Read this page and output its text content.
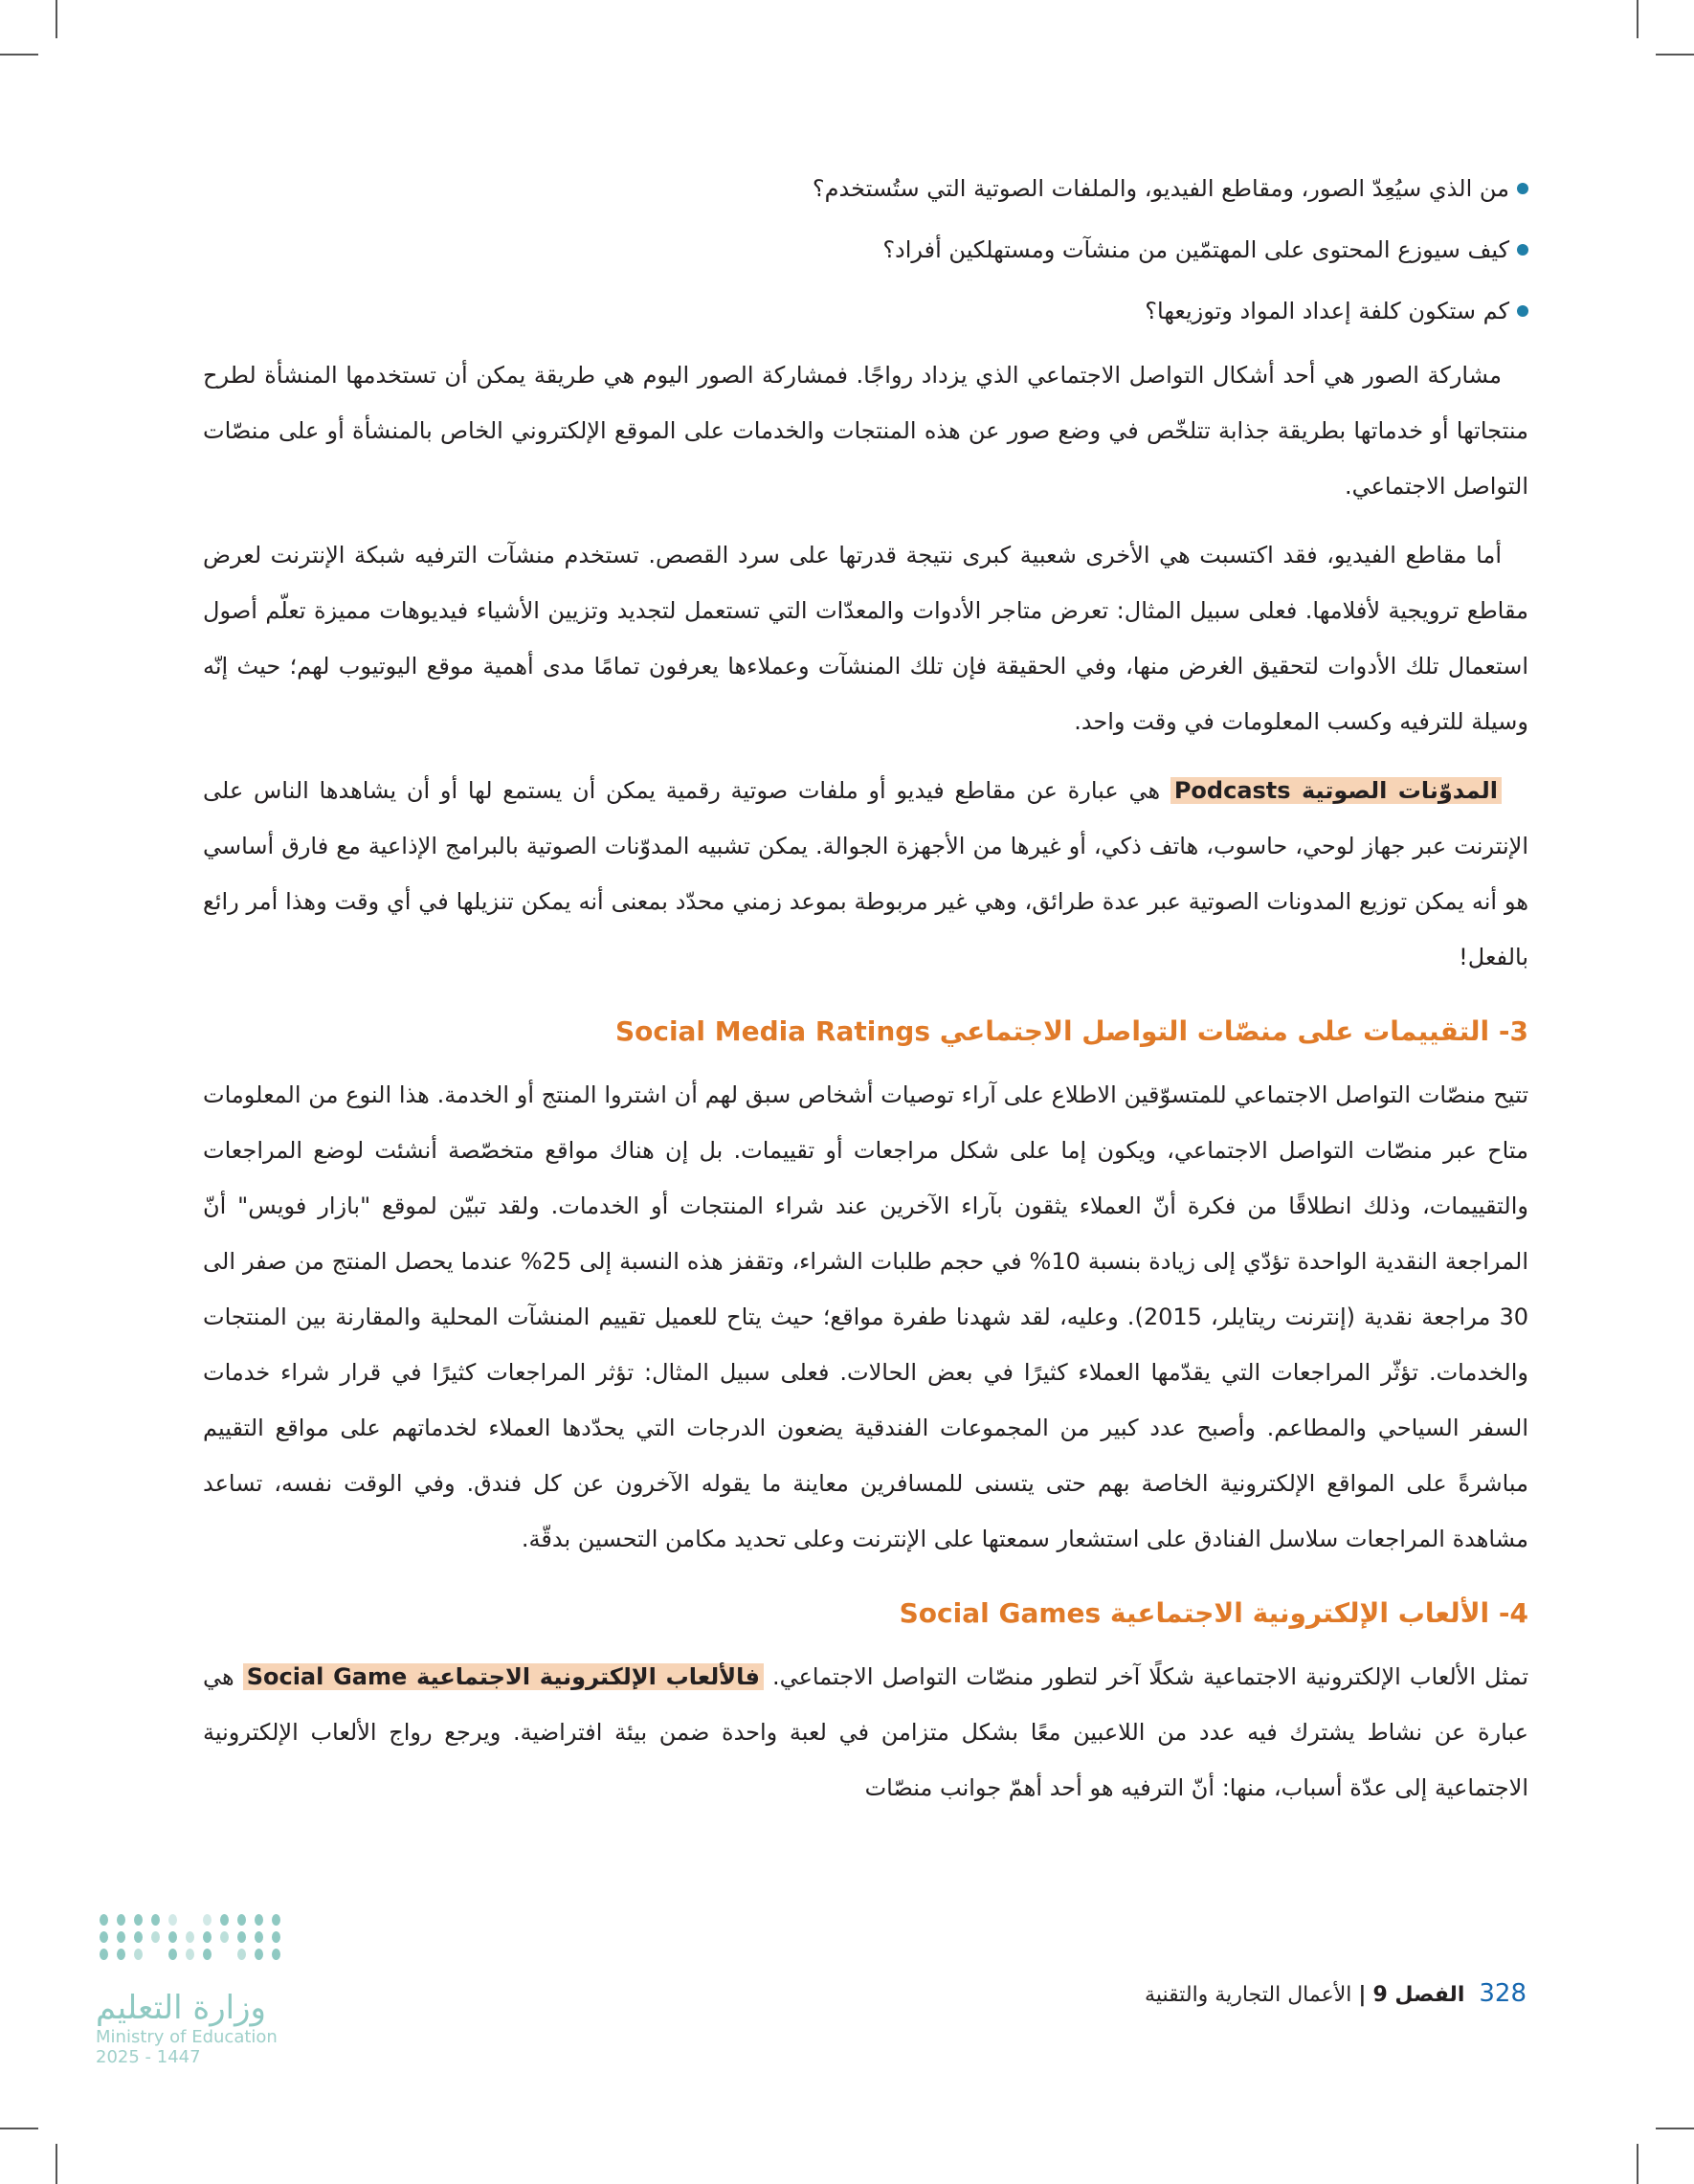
من الذي سيُعِدّ الصور، ومقاطع الفيديو، والملفات الصوتية التي ستُستخدم؟
كيف سيوزع المحتوى على المهتمّين من منشآت ومستهلكين أفراد؟
كم ستكون كلفة إعداد المواد وتوزيعها؟

مشاركة الصور هي أحد أشكال التواصل الاجتماعي الذي يزداد رواجًا. فمشاركة الصور اليوم هي طريقة يمكن أن تستخدمها المنشأة لطرح منتجاتها أو خدماتها بطريقة جذابة تتلخّص في وضع صور عن هذه المنتجات والخدمات على الموقع الإلكتروني الخاص بالمنشأة أو على منصّات التواصل الاجتماعي.

أما مقاطع الفيديو، فقد اكتسبت هي الأخرى شعبية كبرى نتيجة قدرتها على سرد القصص. تستخدم منشآت الترفيه شبكة الإنترنت لعرض مقاطع ترويجية لأفلامها. فعلى سبيل المثال: تعرض متاجر الأدوات والمعدّات التي تستعمل لتجديد وتزيين الأشياء فيديوهات مميزة تعلّم أصول استعمال تلك الأدوات لتحقيق الغرض منها، وفي الحقيقة فإن تلك المنشآت وعملاءها يعرفون تمامًا مدى أهمية موقع اليوتيوب لهم؛ حيث إنّه وسيلة للترفيه وكسب المعلومات في وقت واحد.

المدوّنات الصوتية Podcasts هي عبارة عن مقاطع فيديو أو ملفات صوتية رقمية يمكن أن يستمع لها أو أن يشاهدها الناس على الإنترنت عبر جهاز لوحي، حاسوب، هاتف ذكي، أو غيرها من الأجهزة الجوالة. يمكن تشبيه المدوّنات الصوتية بالبرامج الإذاعية مع فارق أساسي هو أنه يمكن توزيع المدونات الصوتية عبر عدة طرائق، وهي غير مربوطة بموعد زمني محدّد بمعنى أنه يمكن تنزيلها في أي وقت وهذا أمر رائع بالفعل!

3- التقييمات على منصّات التواصل الاجتماعي Social Media Ratings

تتيح منصّات التواصل الاجتماعي للمتسوّقين الاطلاع على آراء توصيات أشخاص سبق لهم أن اشتروا المنتج أو الخدمة. هذا النوع من المعلومات متاح عبر منصّات التواصل الاجتماعي، ويكون إما على شكل مراجعات أو تقييمات. بل إن هناك مواقع متخصّصة أنشئت لوضع المراجعات والتقييمات، وذلك انطلاقًا من فكرة أنّ العملاء يثقون بآراء الآخرين عند شراء المنتجات أو الخدمات. ولقد تبيّن لموقع "بازار فويس" أنّ المراجعة النقدية الواحدة تؤدّي إلى زيادة بنسبة 10% في حجم طلبات الشراء، وتقفز هذه النسبة إلى 25% عندما يحصل المنتج من صفر الى 30 مراجعة نقدية (إنترنت ريتايلر، 2015). وعليه، لقد شهدنا طفرة مواقع؛ حيث يتاح للعميل تقييم المنشآت المحلية والمقارنة بين المنتجات والخدمات. تؤثّر المراجعات التي يقدّمها العملاء كثيرًا في بعض الحالات. فعلى سبيل المثال: تؤثر المراجعات كثيرًا في قرار شراء خدمات السفر السياحي والمطاعم. وأصبح عدد كبير من المجموعات الفندقية يضعون الدرجات التي يحدّدها العملاء لخدماتهم على مواقع التقييم مباشرةً على المواقع الإلكترونية الخاصة بهم حتى يتسنى للمسافرين معاينة ما يقوله الآخرون عن كل فندق. وفي الوقت نفسه، تساعد مشاهدة المراجعات سلاسل الفنادق على استشعار سمعتها على الإنترنت وعلى تحديد مكامن التحسين بدقّة.

4- الألعاب الإلكترونية الاجتماعية Social Games

تمثل الألعاب الإلكترونية الاجتماعية شكلًا آخر لتطور منصّات التواصل الاجتماعي. فالألعاب الإلكترونية الاجتماعية Social Game هي عبارة عن نشاط يشترك فيه عدد من اللاعبين معًا بشكل متزامن في لعبة واحدة ضمن بيئة افتراضية. ويرجع رواج الألعاب الإلكترونية الاجتماعية إلى عدّة أسباب، منها: أنّ الترفيه هو أحد أهمّ جوانب منصّات

328 الفصل 9 | الأعمال التجارية والتقنية
وزارة التعليم
Ministry of Education
2025 - 1447
